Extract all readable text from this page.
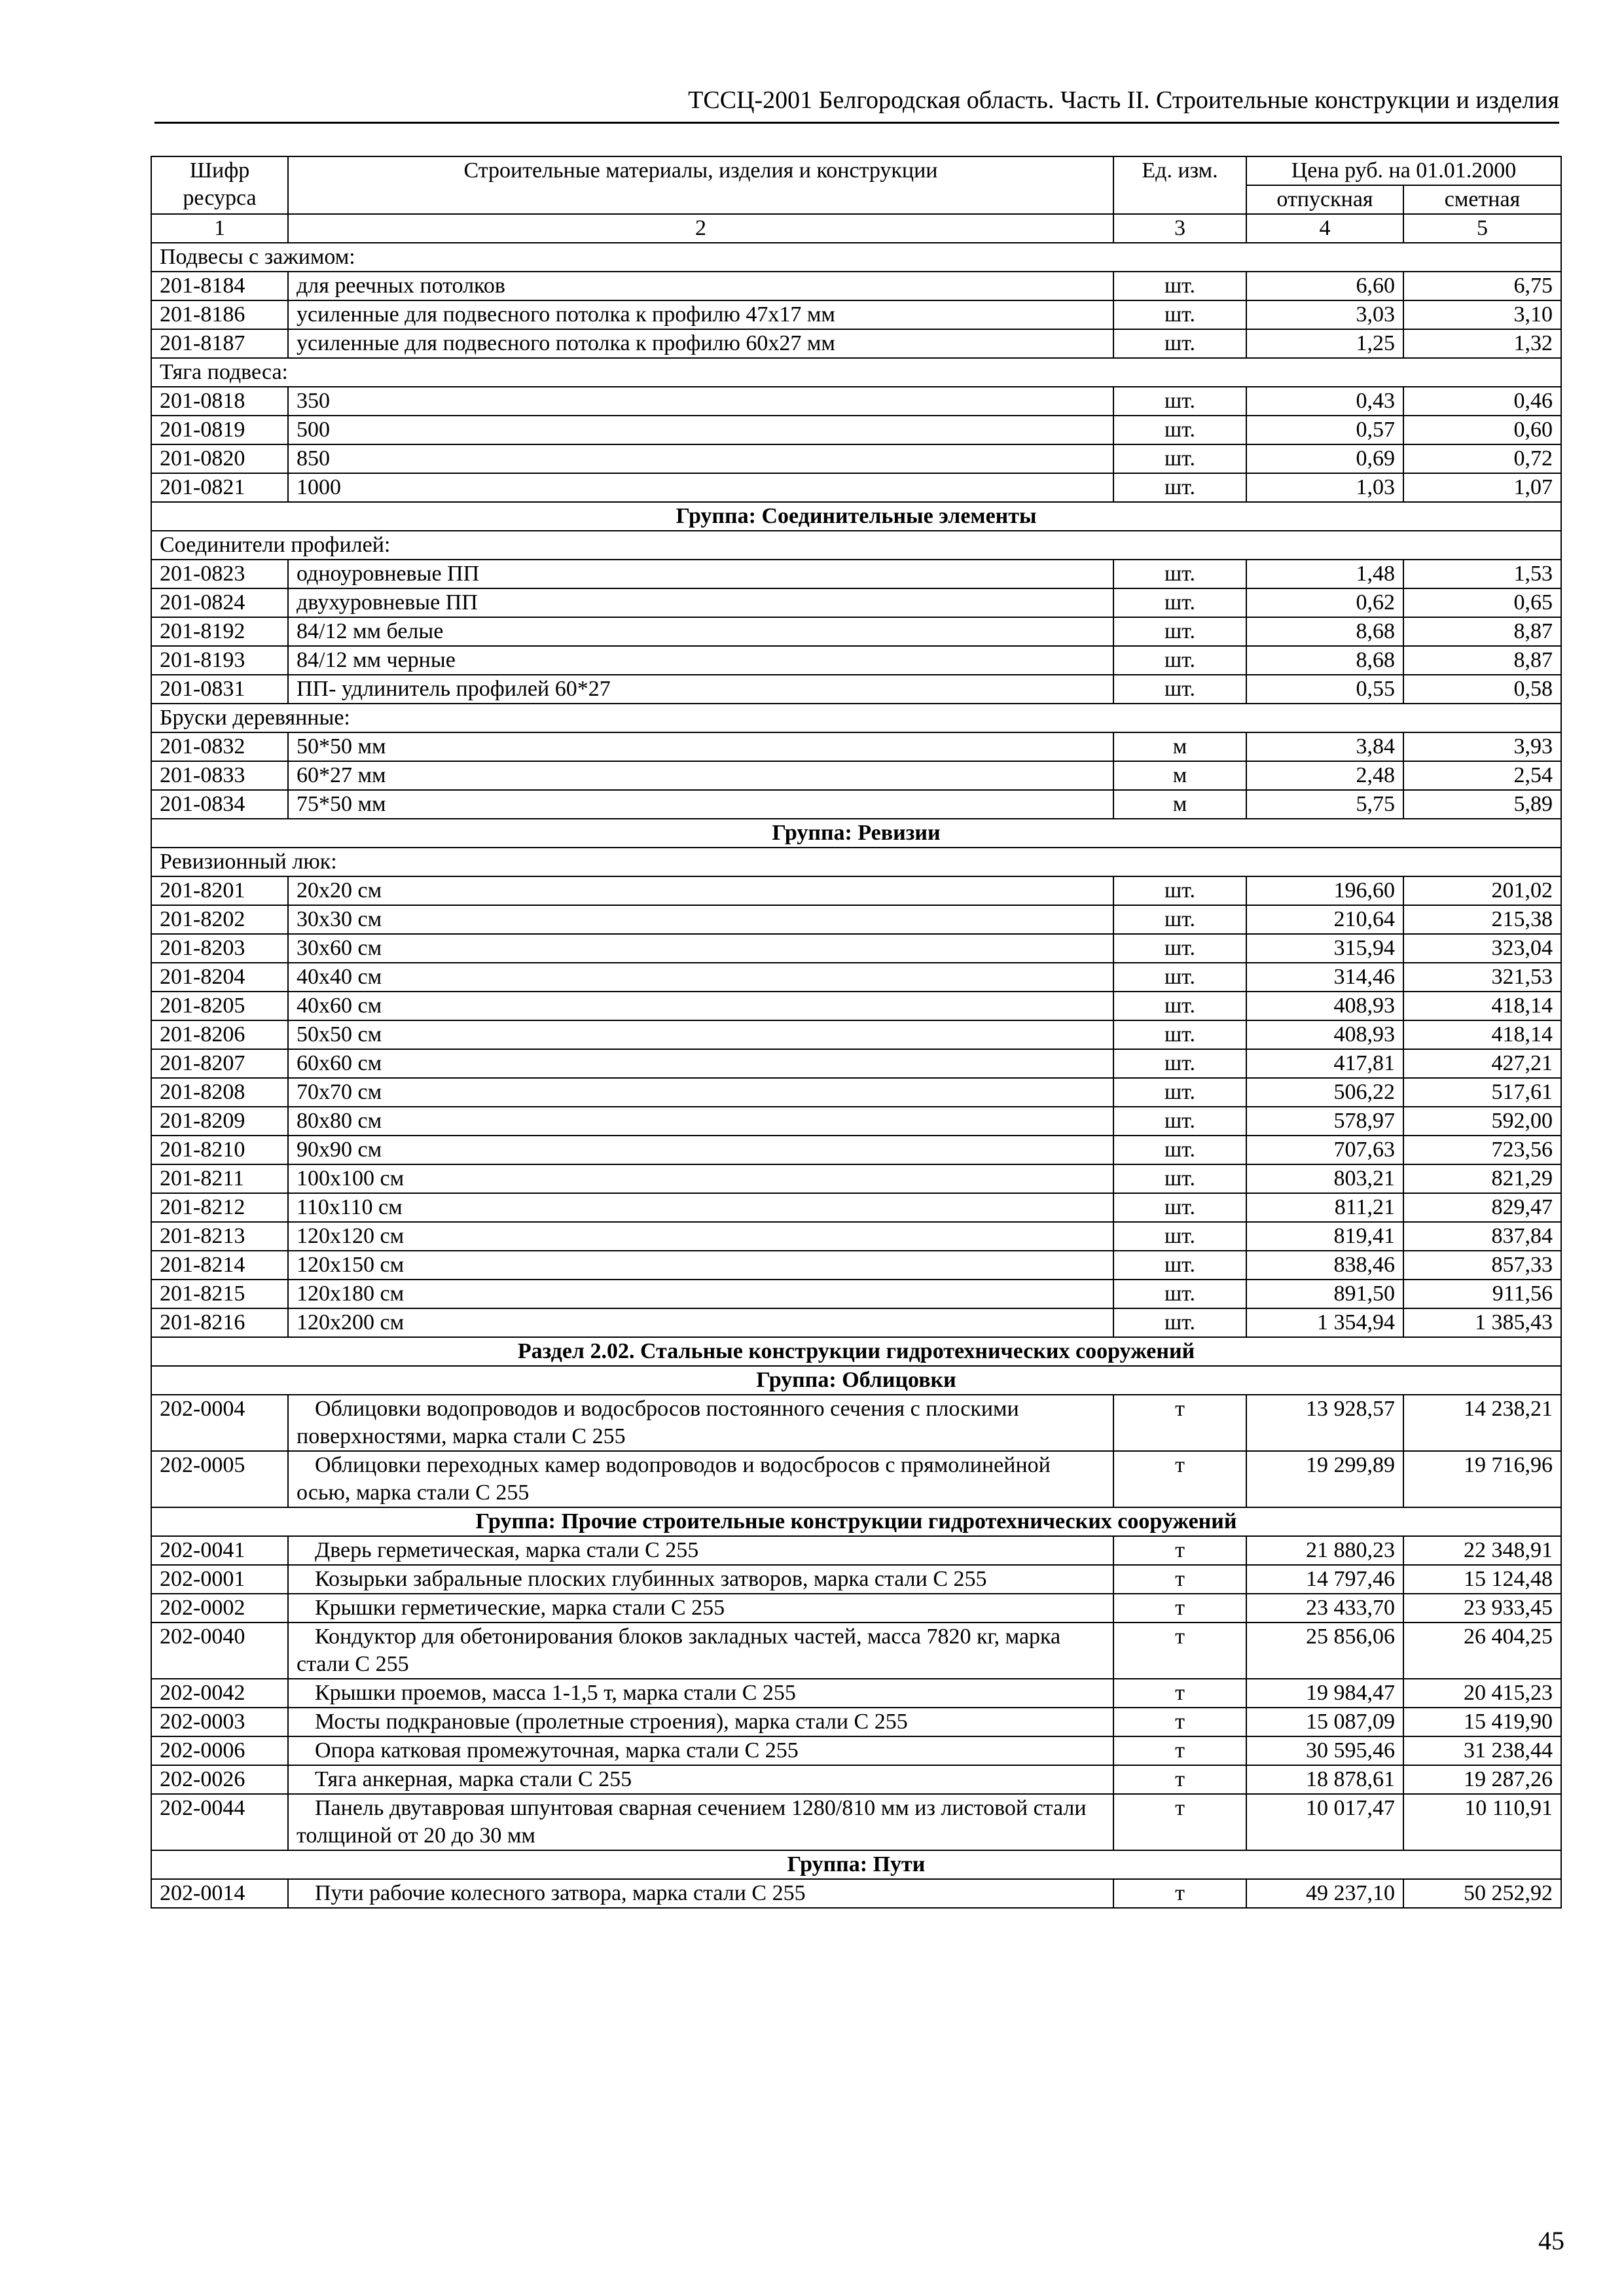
ТССЦ-2001 Белгородская область. Часть II. Строительные конструкции и изделия
Шифр ресурса	Строительные материалы, изделия и конструкции	Ед. изм.	Цена руб. на 01.01.2000	
			отпускная	сметная
1	2	3	4	5
Подвесы с зажимом:				
201-8184	для реечных потолков	шт.	6,60	6,75
201-8186	усиленные для подвесного потолка к профилю 47х17 мм	шт.	3,03	3,10
201-8187	усиленные для подвесного потолка к профилю 60х27 мм	шт.	1,25	1,32
Тяга подвеса:				
201-0818	350	шт.	0,43	0,46
201-0819	500	шт.	0,57	0,60
201-0820	850	шт.	0,69	0,72
201-0821	1000	шт.	1,03	1,07
Группа: Соединительные элементы				
Соединители профилей:				
201-0823	одноуровневые ПП	шт.	1,48	1,53
201-0824	двухуровневые ПП	шт.	0,62	0,65
201-8192	84/12 мм белые	шт.	8,68	8,87
201-8193	84/12 мм черные	шт.	8,68	8,87
201-0831	ПП- удлинитель профилей 60*27	шт.	0,55	0,58
Бруски деревянные:				
201-0832	50*50 мм	м	3,84	3,93
201-0833	60*27 мм	м	2,48	2,54
201-0834	75*50 мм	м	5,75	5,89
Группа: Ревизии				
Ревизионный люк:				
201-8201	20х20 см	шт.	196,60	201,02
201-8202	30х30 см	шт.	210,64	215,38
201-8203	30х60 см	шт.	315,94	323,04
201-8204	40х40 см	шт.	314,46	321,53
201-8205	40х60 см	шт.	408,93	418,14
201-8206	50х50 см	шт.	408,93	418,14
201-8207	60х60 см	шт.	417,81	427,21
201-8208	70х70 см	шт.	506,22	517,61
201-8209	80х80 см	шт.	578,97	592,00
201-8210	90х90 см	шт.	707,63	723,56
201-8211	100х100 см	шт.	803,21	821,29
201-8212	110х110 см	шт.	811,21	829,47
201-8213	120х120 см	шт.	819,41	837,84
201-8214	120х150 см	шт.	838,46	857,33
201-8215	120х180 см	шт.	891,50	911,56
201-8216	120х200 см	шт.	1 354,94	1 385,43
Раздел 2.02. Стальные конструкции гидротехнических сооружений				
Группа: Облицовки				
202-0004	Облицовки водопроводов и водосбросов постоянного сечения с плоскими поверхностями, марка стали С 255	т	13 928,57	14 238,21
202-0005	Облицовки переходных камер водопроводов и водосбросов с прямолинейной осью, марка стали С 255	т	19 299,89	19 716,96
Группа: Прочие строительные конструкции гидротехнических сооружений				
202-0041	Дверь герметическая, марка стали С 255	т	21 880,23	22 348,91
202-0001	Козырьки забральные плоских глубинных затворов, марка стали С 255	т	14 797,46	15 124,48
202-0002	Крышки герметические, марка стали С 255	т	23 433,70	23 933,45
202-0040	Кондуктор для обетонирования блоков закладных частей, масса 7820 кг, марка стали С 255	т	25 856,06	26 404,25
202-0042	Крышки проемов, масса 1-1,5 т, марка стали С 255	т	19 984,47	20 415,23
202-0003	Мосты подкрановые (пролетные строения), марка стали С 255	т	15 087,09	15 419,90
202-0006	Опора катковая промежуточная, марка стали С 255	т	30 595,46	31 238,44
202-0026	Тяга анкерная, марка стали С 255	т	18 878,61	19 287,26
202-0044	Панель двутавровая шпунтовая сварная сечением 1280/810 мм из листовой стали толщиной от 20 до 30 мм	т	10 017,47	10 110,91
Группа: Пути				
202-0014	Пути рабочие колесного затвора, марка стали С 255	т	49 237,10	50 252,92
45
